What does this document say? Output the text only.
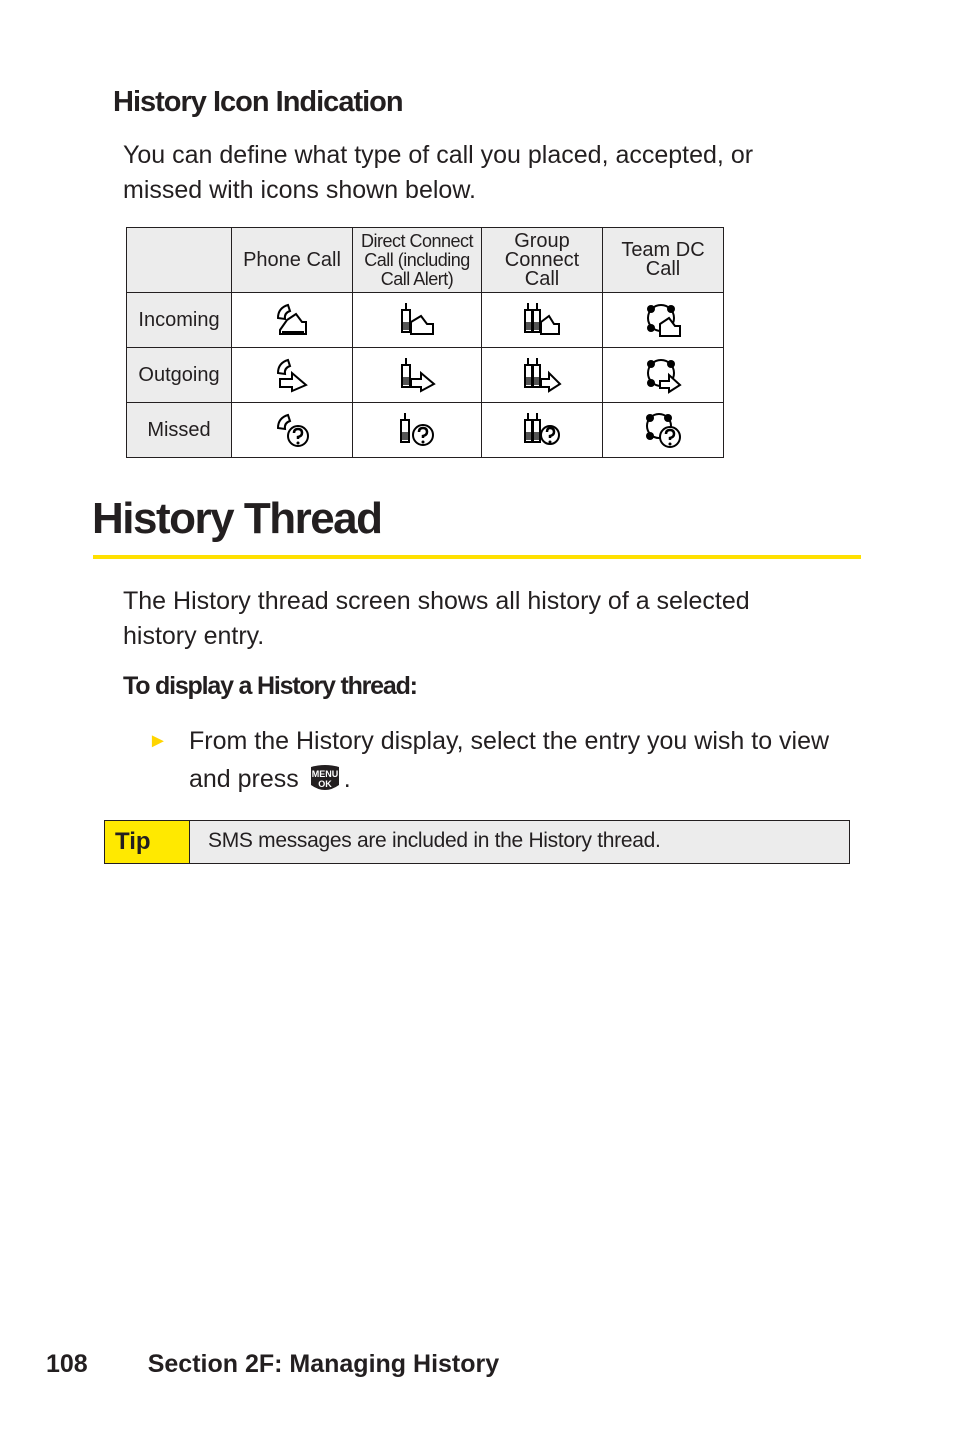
History Icon Indication
You can define what type of call you placed, accepted, or missed with icons shown below.
	Phone Call	Direct Connect Call (including Call Alert)	Group Connect Call	Team DC Call
Incoming	

Outgoing	

Missed	

History Thread
The History thread screen shows all history of a selected history entry.
To display a History thread:
► From the History display, select the entry you wish to view and press MENU
OK .
Tip	SMS messages are included in the History thread.
108 Section 2F: Managing History
